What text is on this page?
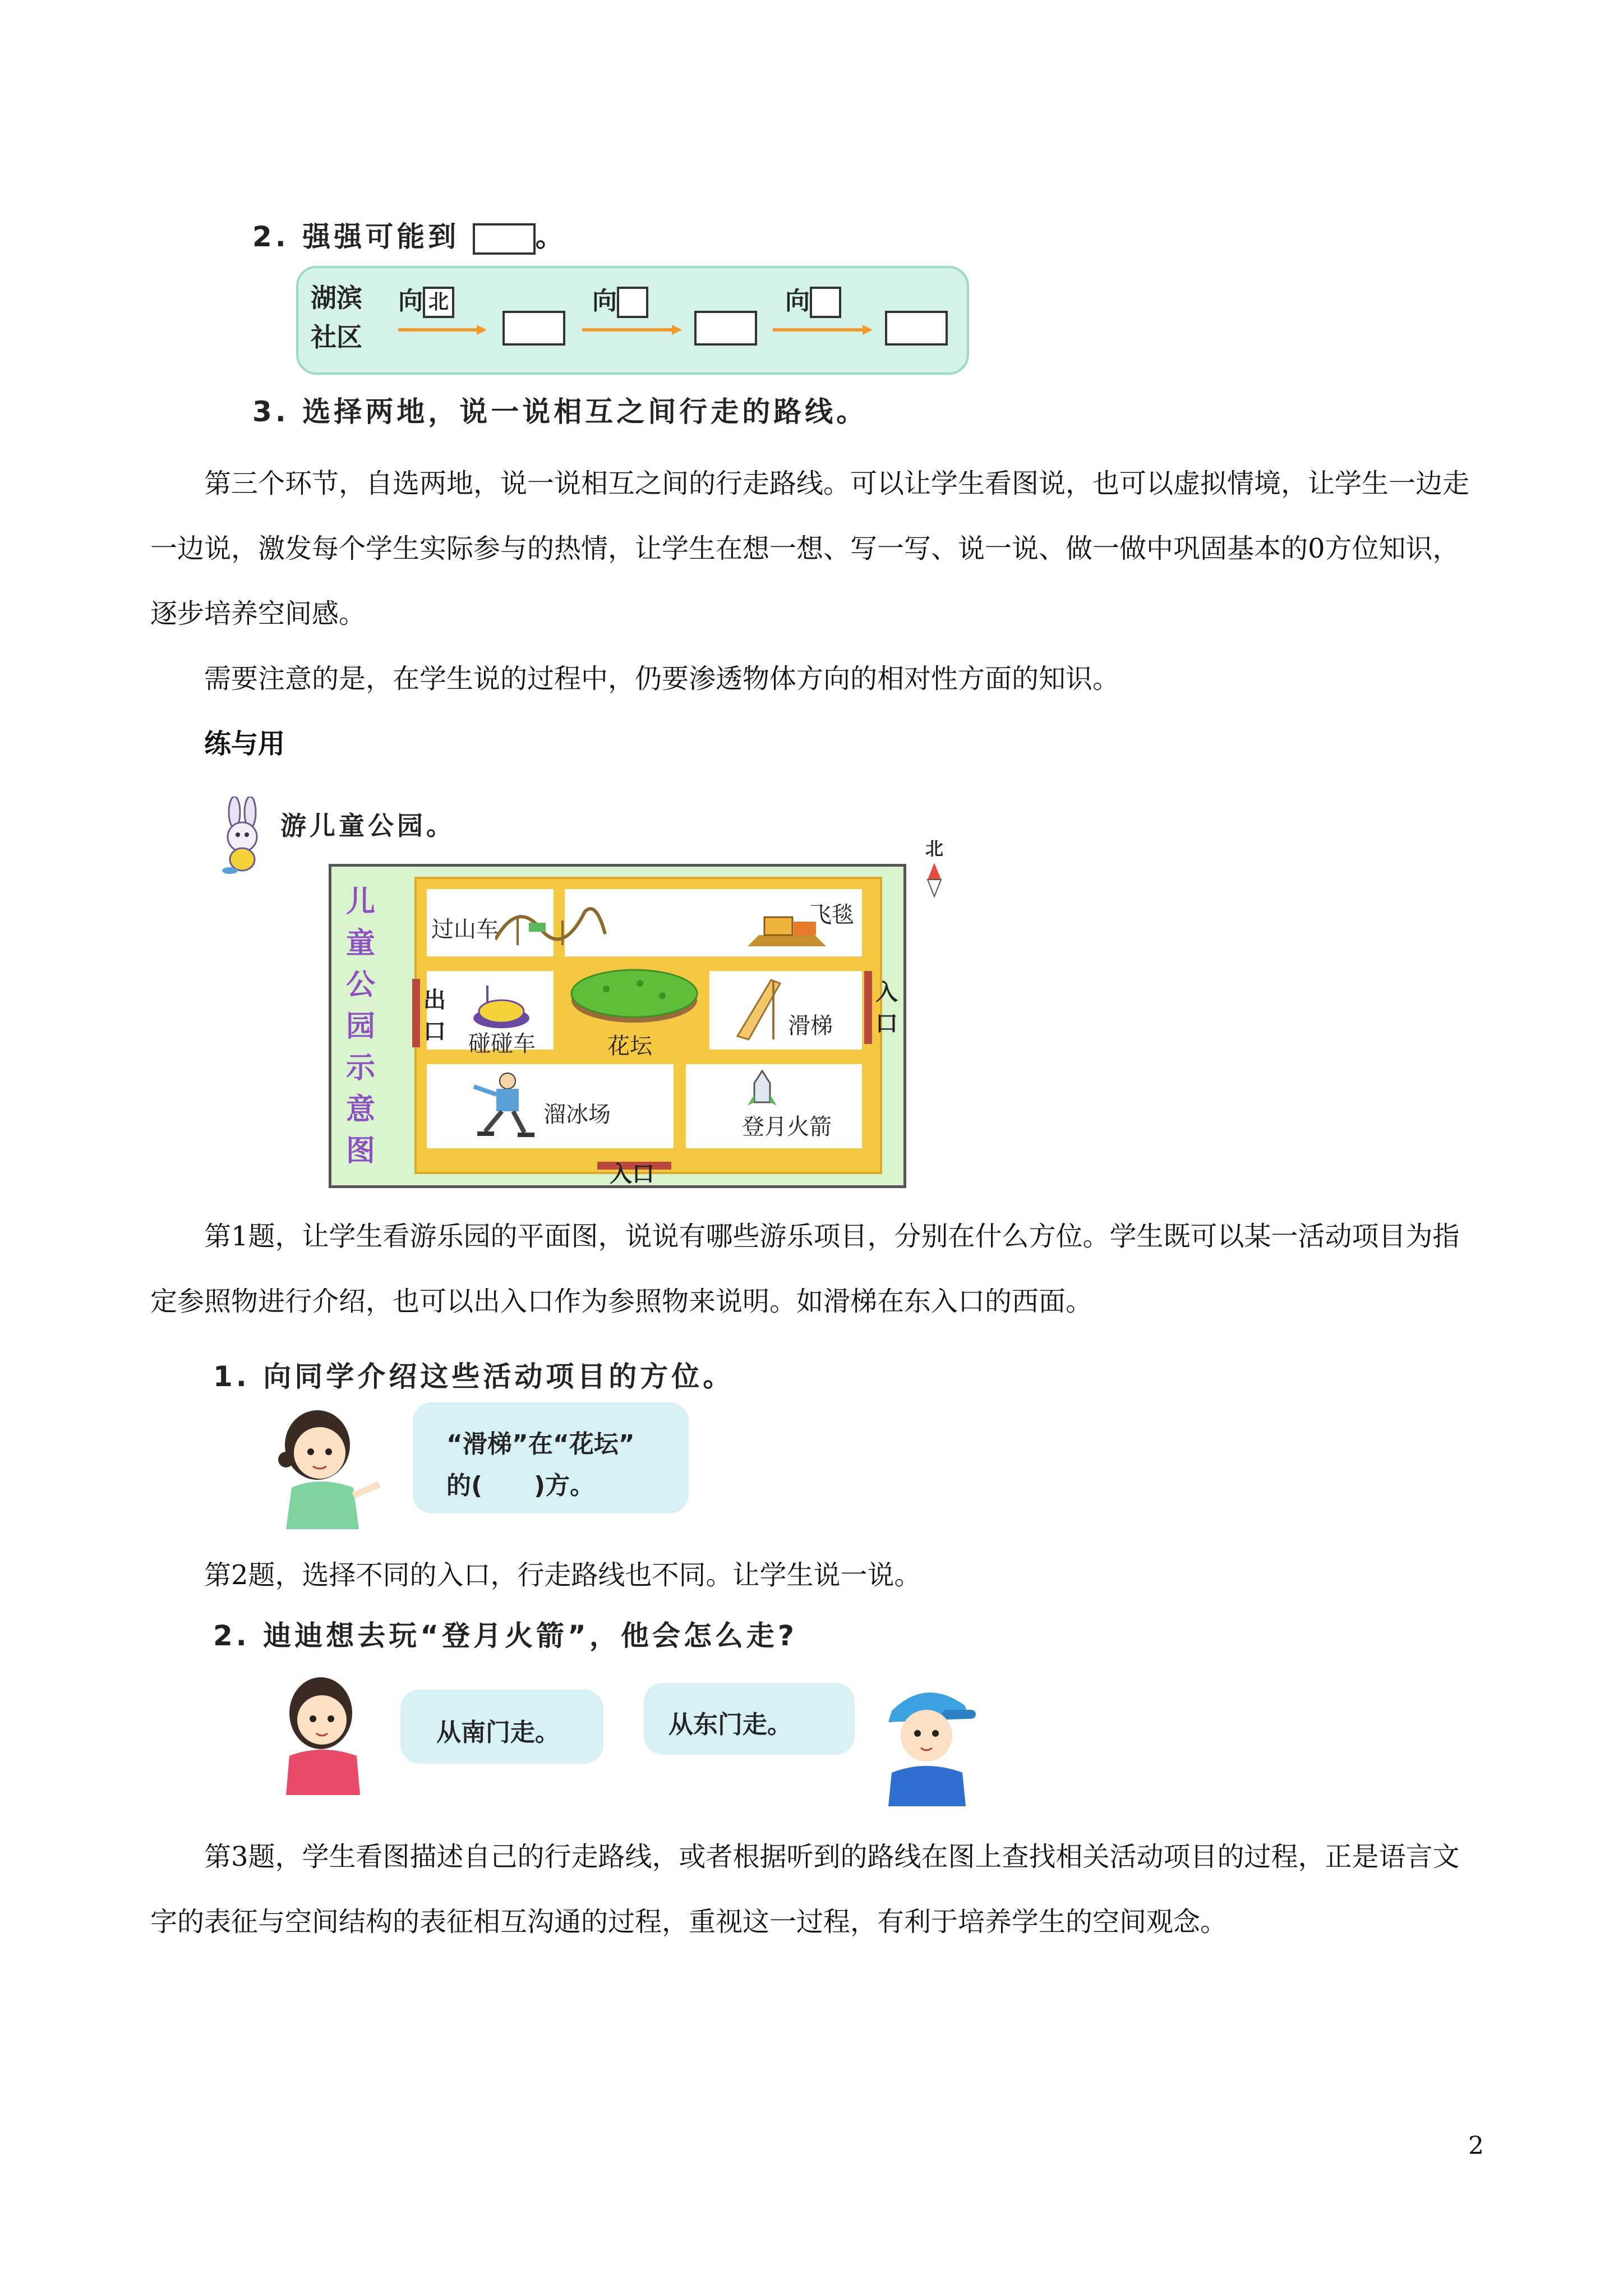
2. 强强可能到	。
湖滨
社区
向 北	向	向
3. 选择两地，说一说相互之间行走的路线。

第三个环节，自选两地，说一说相互之间的行走路线。可以让学生看图说，也可以虚拟情境，让学生一边走一边说，激发每个学生实际参与的热情，让学生在想一想、写一写、说一说、做一做中巩固基本的0方位知识，逐步培养空间感。

需要注意的是，在学生说的过程中，仍要渗透物体方向的相对性方面的知识。

练与用

游儿童公园。
北
儿
童
公
园
示
意
图
花坛
过山车
飞毯
碰碰车
滑梯
溜冰场	登月火箭
出
口
入
口
入口

第1题，让学生看游乐园的平面图，说说有哪些游乐项目，分别在什么方位。学生既可以某一活动项目为指定参照物进行介绍，也可以出入口作为参照物来说明。如滑梯在东入口的西面。

1. 向同学介绍这些活动项目的方位。
“滑梯”在“花坛”
的(      )方。

第2题，选择不同的入口，行走路线也不同。让学生说一说。

2. 迪迪想去玩“登月火箭”，他会怎么走?
从南门走。	从东门走。

第3题，学生看图描述自己的行走路线，或者根据听到的路线在图上查找相关活动项目的过程，正是语言文字的表征与空间结构的表征相互沟通的过程，重视这一过程，有利于培养学生的空间观念。

2
